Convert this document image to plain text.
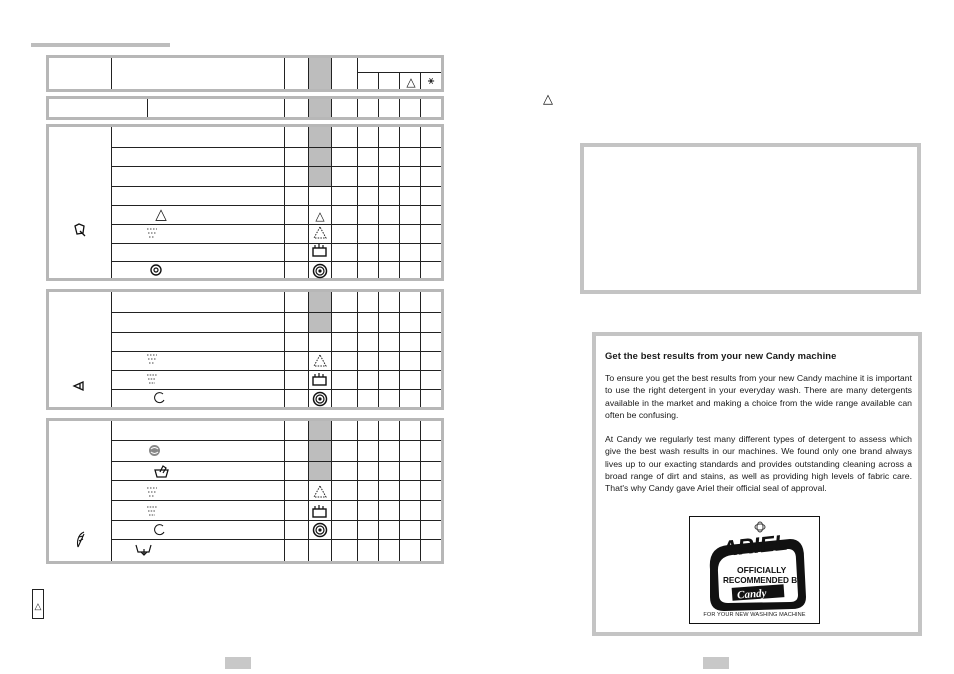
△	⚹
△	△
△
△
Get the best results from your new Candy machine
To ensure you get the best results from your new Candy machine it is important to use the right detergent in your everyday wash. There are many detergents available in the market and making a choice from the wide range available can often be confusing.
At Candy we regularly test many different types of detergent to assess which give the best wash results in our machines. We found only one brand always lives up to our exacting standards and provides outstanding cleaning across a broad range of dirt and stains, as well as providing high levels of fabric care. That's why Candy gave Ariel their official seal of approval.
ARIEL
OFFICIALLY
RECOMMENDED BY
Candy
FOR YOUR NEW WASHING MACHINE
